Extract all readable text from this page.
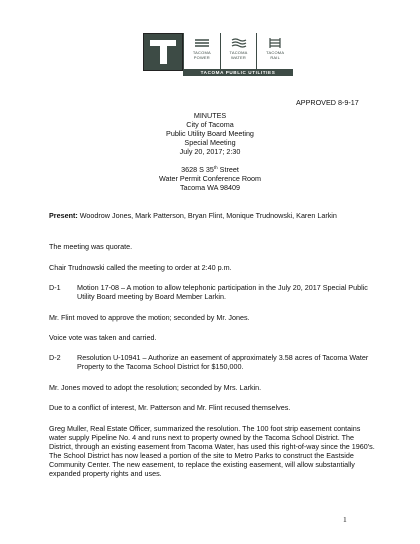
TACOMA
POWER
TACOMA
WATER
TACOMA
RAIL
TACOMA PUBLIC UTILITIES
APPROVED 8-9-17
MINUTES
City of Tacoma
Public Utility Board Meeting
Special Meeting
July 20, 2017; 2:30
3628 S 35th Street
Water Permit Conference Room
Tacoma WA 98409
Present: Woodrow Jones, Mark Patterson, Bryan Flint, Monique Trudnowski, Karen Larkin
The meeting was quorate.
Chair Trudnowski called the meeting to order at 2:40 p.m.
D-1 Motion 17-08 – A motion to allow telephonic participation in the July 20, 2017 Special Public Utility Board meeting by Board Member Larkin.
Mr. Flint moved to approve the motion; seconded by Mr. Jones.
Voice vote was taken and carried.
D-2 Resolution U-10941 – Authorize an easement of approximately 3.58 acres of Tacoma Water Property to the Tacoma School District for $150,000.
Mr. Jones moved to adopt the resolution; seconded by Mrs. Larkin.
Due to a conflict of interest, Mr. Patterson and Mr. Flint recused themselves.
Greg Muller, Real Estate Officer, summarized the resolution. The 100 foot strip easement contains water supply Pipeline No. 4 and runs next to property owned by the Tacoma School District. The District, through an existing easement from Tacoma Water, has used this right-of-way since the 1960's. The School District has now leased a portion of the site to Metro Parks to construct the Eastside Community Center. The new easement, to replace the existing easement, will allow substantially expanded property rights and uses.
1
